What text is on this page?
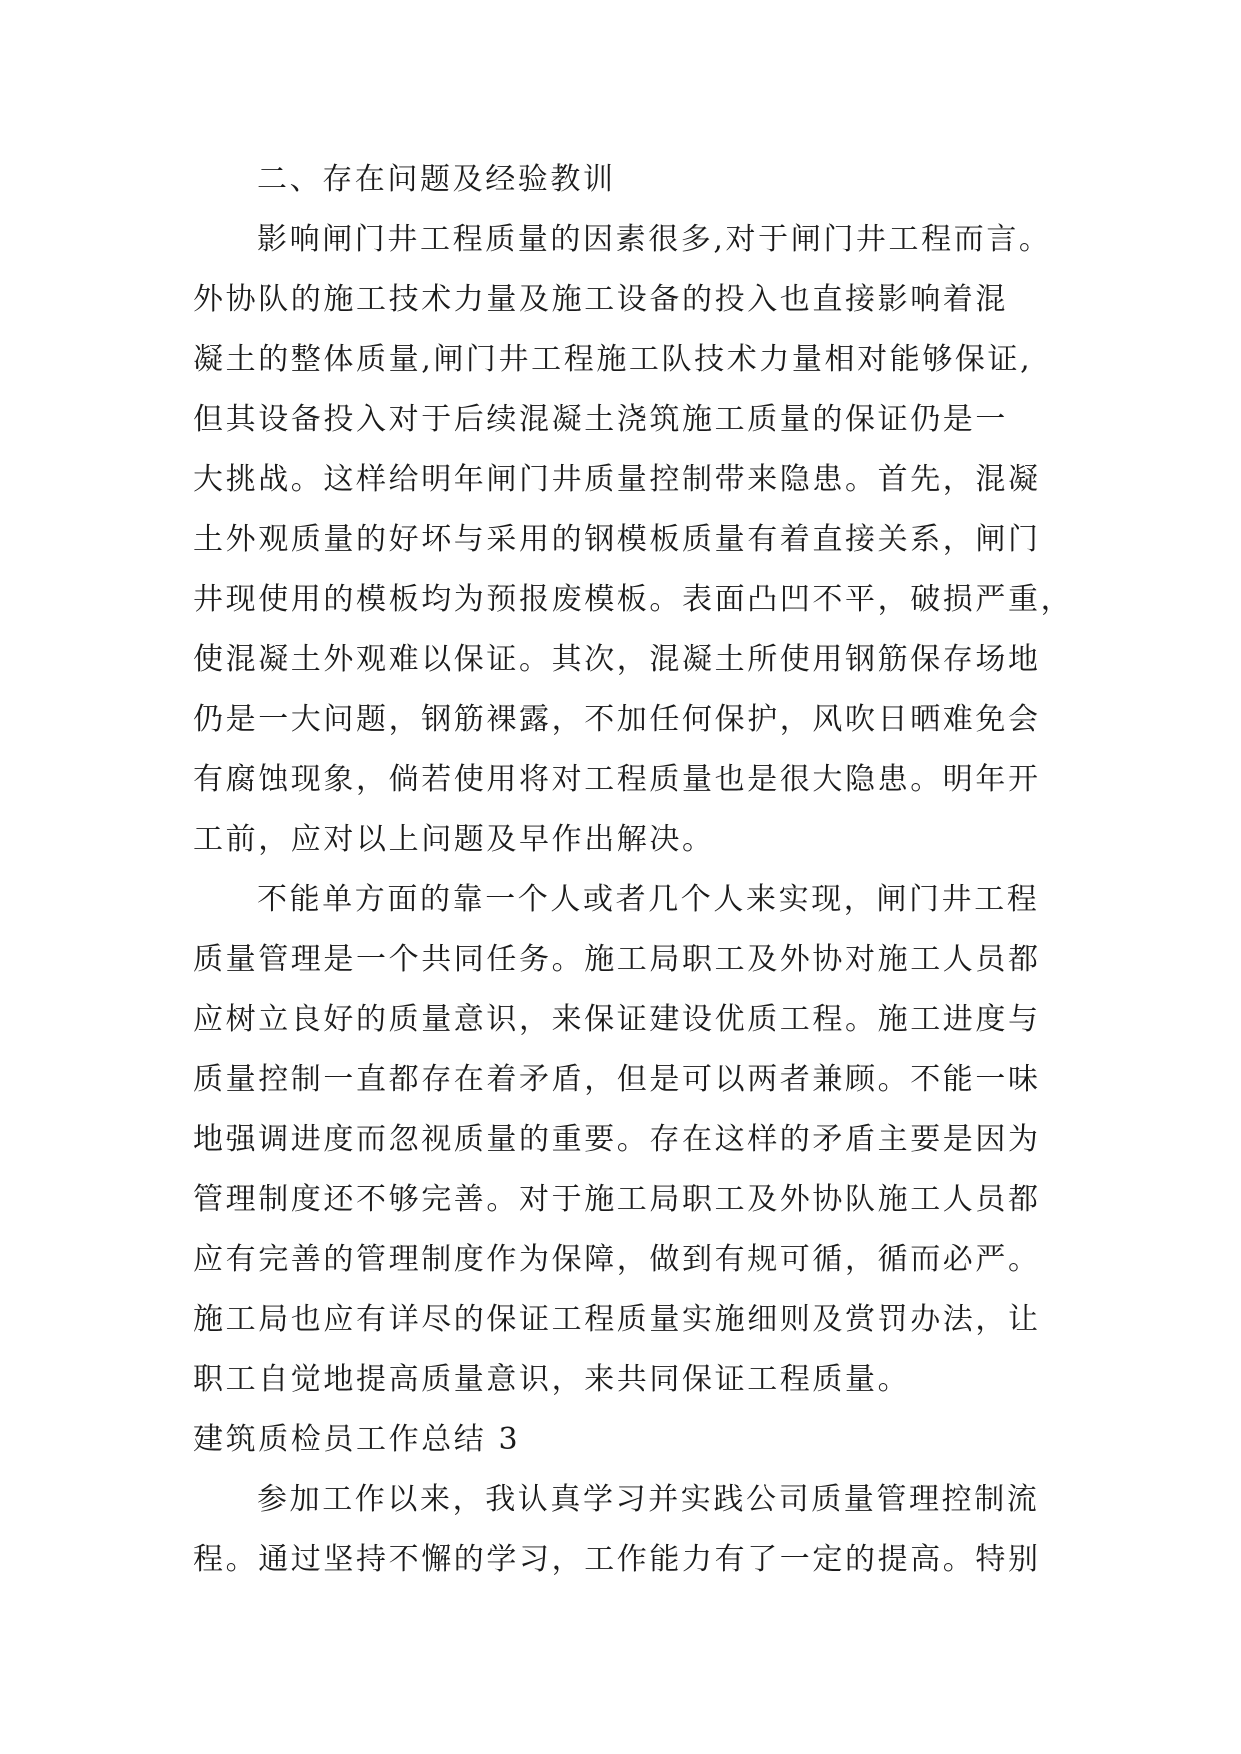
二、存在问题及经验教训
影响闸门井工程质量的因素很多,对于闸门井工程而言。
外协队的施工技术力量及施工设备的投入也直接影响着混
凝土的整体质量,闸门井工程施工队技术力量相对能够保证,
但其设备投入对于后续混凝土浇筑施工质量的保证仍是一
大挑战。这样给明年闸门井质量控制带来隐患。首先，混凝
土外观质量的好坏与采用的钢模板质量有着直接关系，闸门
井现使用的模板均为预报废模板。表面凸凹不平，破损严重，
使混凝土外观难以保证。其次，混凝土所使用钢筋保存场地
仍是一大问题，钢筋裸露，不加任何保护，风吹日晒难免会
有腐蚀现象，倘若使用将对工程质量也是很大隐患。明年开
工前，应对以上问题及早作出解决。
不能单方面的靠一个人或者几个人来实现，闸门井工程
质量管理是一个共同任务。施工局职工及外协对施工人员都
应树立良好的质量意识，来保证建设优质工程。施工进度与
质量控制一直都存在着矛盾，但是可以两者兼顾。不能一味
地强调进度而忽视质量的重要。存在这样的矛盾主要是因为
管理制度还不够完善。对于施工局职工及外协队施工人员都
应有完善的管理制度作为保障，做到有规可循，循而必严。
施工局也应有详尽的保证工程质量实施细则及赏罚办法，让
职工自觉地提高质量意识，来共同保证工程质量。
建筑质检员工作总结 3
参加工作以来，我认真学习并实践公司质量管理控制流
程。通过坚持不懈的学习，工作能力有了一定的提高。特别
